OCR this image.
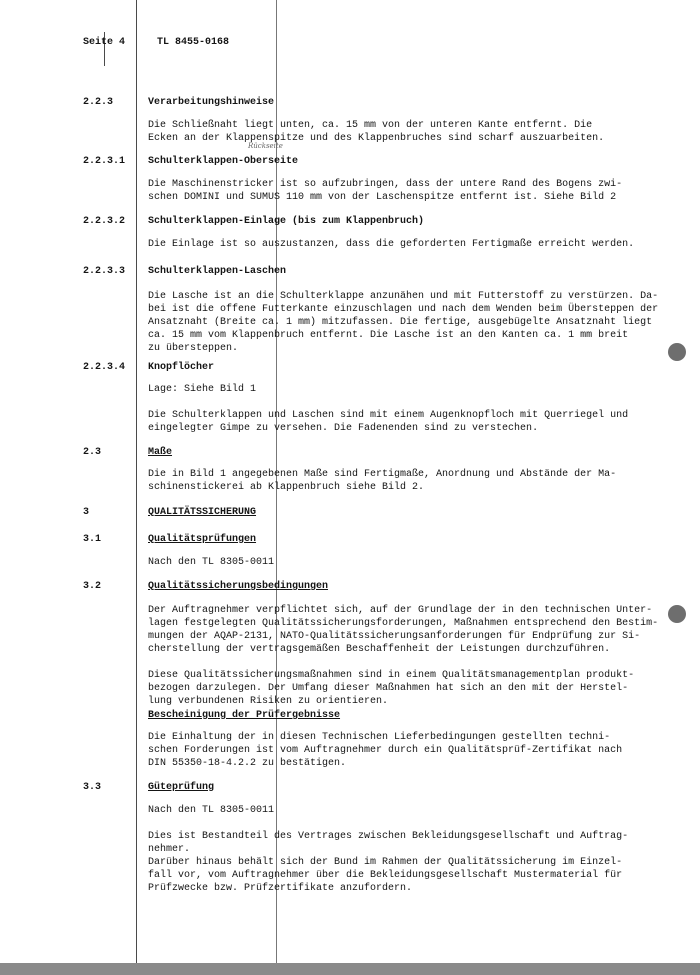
Seite 4	TL 8455-0168
Rückseite
2.2.3	Verarbeitungshinweise
Die Schließnaht liegt unten, ca. 15 mm von der unteren Kante entfernt. Die
Ecken an der Klappenspitze und des Klappenbruches sind scharf auszuarbeiten.
2.2.3.1 Schulterklappen-Oberseite
Die Maschinenstricker ist so aufzubringen, dass der untere Rand des Bogens zwi-
schen DOMINI und SUMUS 110 mm von der Laschenspitze entfernt ist. Siehe Bild 2
2.2.3.2 Schulterklappen-Einlage (bis zum Klappenbruch)
Die Einlage ist so auszustanzen, dass die geforderten Fertigmaße erreicht werden.
2.2.3.3 Schulterklappen-Laschen
Die Lasche ist an die Schulterklappe anzunähen und mit Futterstoff zu verstürzen. Da-
bei ist die offene Futterkante einzuschlagen und nach dem Wenden beim Übersteppen der
Ansatznaht (Breite ca. 1 mm) mitzufassen. Die fertige, ausgebügelte Ansatznaht liegt
ca. 15 mm vom Klappenbruch entfernt. Die Lasche ist an den Kanten ca. 1 mm breit
zu übersteppen.
2.2.3.4 Knopflöcher
Lage: Siehe Bild 1
Die Schulterklappen und Laschen sind mit einem Augenknopfloch mit Querriegel und
eingelegter Gimpe zu versehen. Die Fadenenden sind zu verstechen.
2.3	Maße
Die in Bild 1 angegebenen Maße sind Fertigmaße, Anordnung und Abstände der Ma-
schinenstickerei ab Klappenbruch siehe Bild 2.
3	QUALITÄTSSICHERUNG
3.1	Qualitätsprüfungen
Nach den TL 8305-0011
3.2	Qualitätssicherungsbedingungen
Der Auftragnehmer verpflichtet sich, auf der Grundlage der in den technischen Unter-
lagen festgelegten Qualitätssicherungsforderungen, Maßnahmen entsprechend den Bestim-
mungen der AQAP-2131, NATO-Qualitätssicherungsanforderungen für Endprüfung zur Si-
cherstellung der vertragsgemäßen Beschaffenheit der Leistungen durchzuführen.
Diese Qualitätssicherungsmaßnahmen sind in einem Qualitätsmanagementplan produkt-
bezogen darzulegen. Der Umfang dieser Maßnahmen hat sich an den mit der Herstel-
lung verbundenen Risiken zu orientieren.
Bescheinigung der Prüfergebnisse
Die Einhaltung der in diesen Technischen Lieferbedingungen gestellten techni-
schen Forderungen ist vom Auftragnehmer durch ein Qualitätsprüf-Zertifikat nach
DIN 55350-18-4.2.2 zu bestätigen.
3.3	Güteprüfung
Nach den TL 8305-0011
Dies ist Bestandteil des Vertrages zwischen Bekleidungsgesellschaft und Auftrag-
nehmer.
Darüber hinaus behält sich der Bund im Rahmen der Qualitätssicherung im Einzel-
fall vor, vom Auftragnehmer über die Bekleidungsgesellschaft Mustermaterial für
Prüfzwecke bzw. Prüfzertifikate anzufordern.
